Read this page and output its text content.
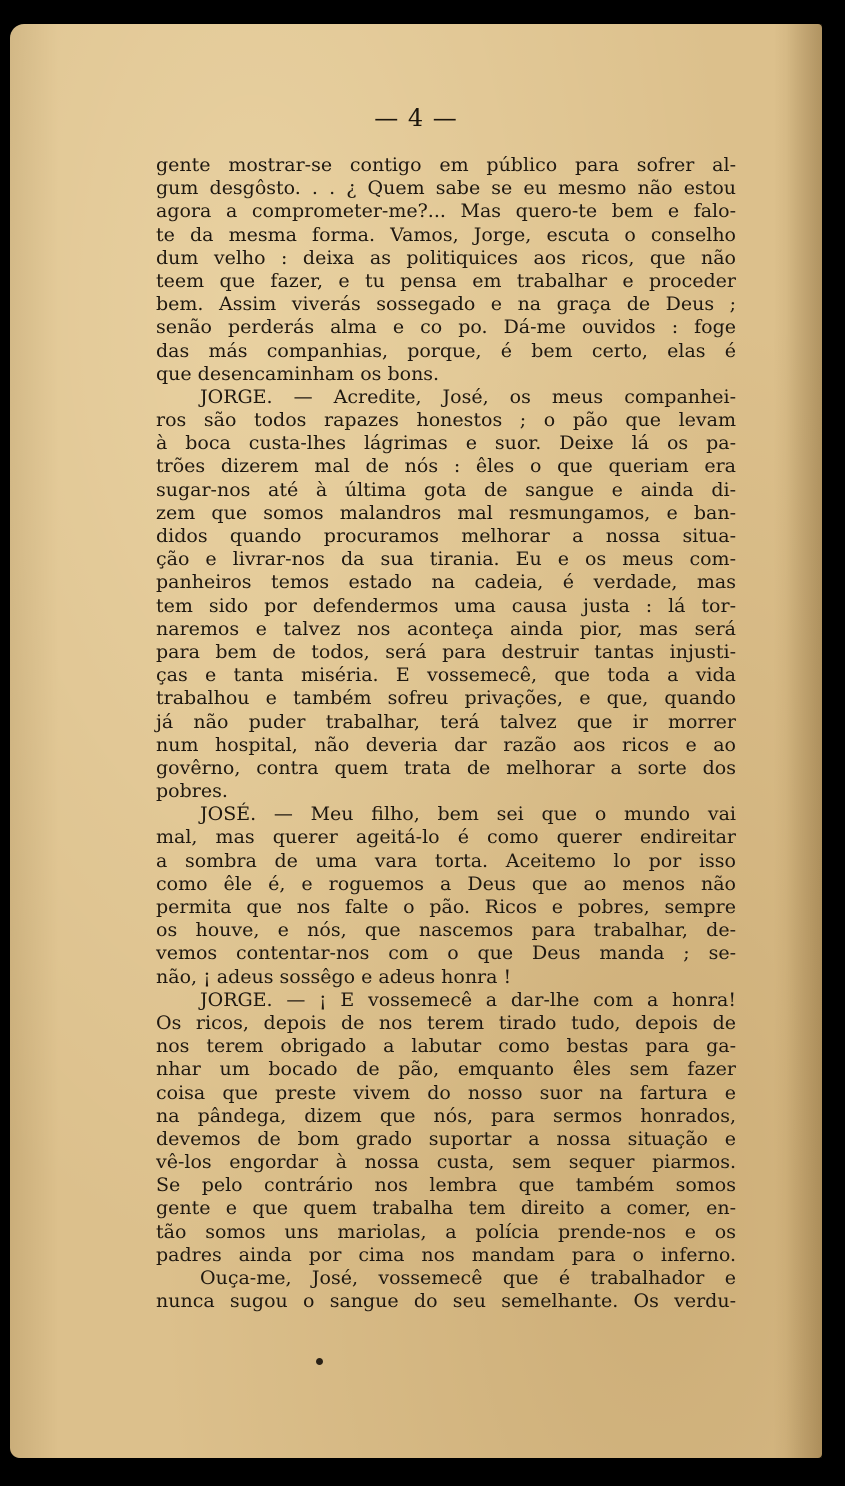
— 4 —
gente mostrar-se contigo em público para sofrer al-
gum desgôsto. . . ¿ Quem sabe se eu mesmo não estou
agora a comprometer-me?... Mas quero-te bem e falo-
te da mesma forma. Vamos, Jorge, escuta o conselho
dum velho : deixa as politiquices aos ricos, que não
teem que fazer, e tu pensa em trabalhar e proceder
bem. Assim viverás sossegado e na graça de Deus ;
senão perderás alma e co po. Dá-me ouvidos : foge
das más companhias, porque, é bem certo, elas é
que desencaminham os bons.
JORGE. — Acredite, José, os meus companhei-
ros são todos rapazes honestos ; o pão que levam
à boca custa-lhes lágrimas e suor. Deixe lá os pa-
trões dizerem mal de nós : êles o que queriam era
sugar-nos até à última gota de sangue e ainda di-
zem que somos malandros mal resmungamos, e ban-
didos quando procuramos melhorar a nossa situa-
ção e livrar-nos da sua tirania. Eu e os meus com-
panheiros temos estado na cadeia, é verdade, mas
tem sido por defendermos uma causa justa : lá tor-
naremos e talvez nos aconteça ainda pior, mas será
para bem de todos, será para destruir tantas injusti-
ças e tanta miséria. E vossemecê, que toda a vida
trabalhou e também sofreu privações, e que, quando
já não puder trabalhar, terá talvez que ir morrer
num hospital, não deveria dar razão aos ricos e ao
govêrno, contra quem trata de melhorar a sorte dos
pobres.
JOSÉ. — Meu filho, bem sei que o mundo vai
mal, mas querer ageitá-lo é como querer endireitar
a sombra de uma vara torta. Aceitemo lo por isso
como êle é, e roguemos a Deus que ao menos não
permita que nos falte o pão. Ricos e pobres, sempre
os houve, e nós, que nascemos para trabalhar, de-
vemos contentar-nos com o que Deus manda ; se-
não, ¡ adeus sossêgo e adeus honra !
JORGE. — ¡ E vossemecê a dar-lhe com a honra!
Os ricos, depois de nos terem tirado tudo, depois de
nos terem obrigado a labutar como bestas para ga-
nhar um bocado de pão, emquanto êles sem fazer
coisa que preste vivem do nosso suor na fartura e
na pândega, dizem que nós, para sermos honrados,
devemos de bom grado suportar a nossa situação e
vê-los engordar à nossa custa, sem sequer piarmos.
Se pelo contrário nos lembra que também somos
gente e que quem trabalha tem direito a comer, en-
tão somos uns mariolas, a polícia prende-nos e os
padres ainda por cima nos mandam para o inferno.
Ouça-me, José, vossemecê que é trabalhador e
nunca sugou o sangue do seu semelhante. Os verdu-
